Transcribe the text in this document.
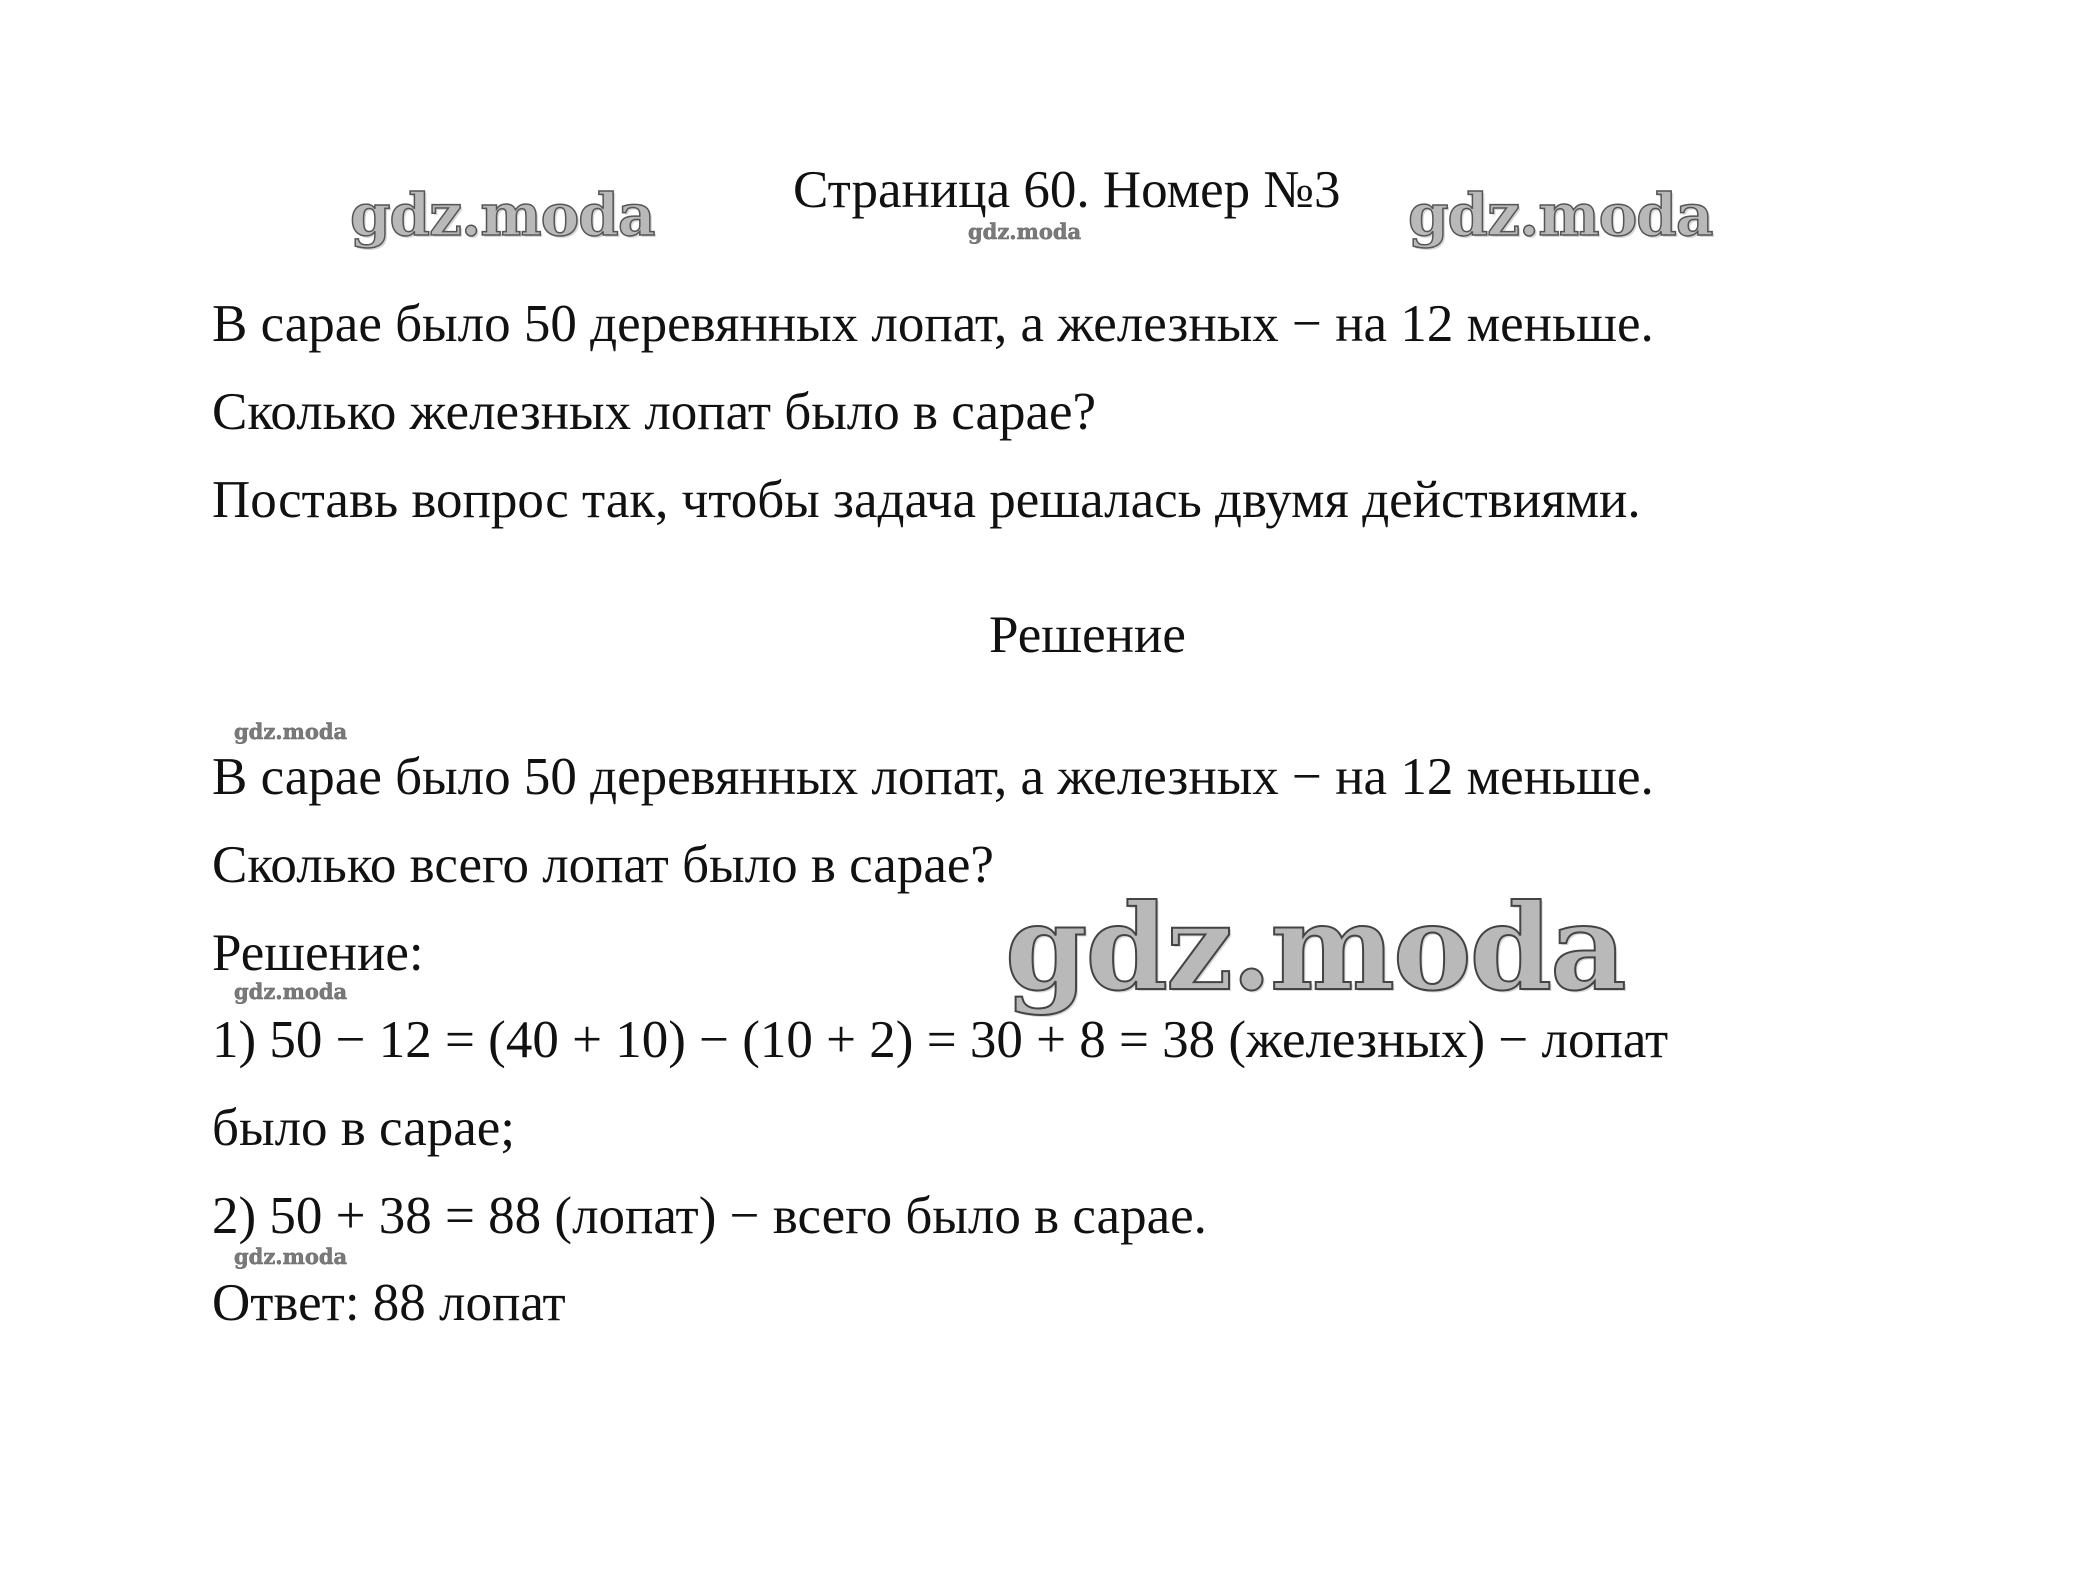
gdz.moda	gdz.moda
gdz.moda
gdz.moda
gdz.moda
gdz.moda
Страница 60. Номер №3
В сарае было 50 деревянных лопат, а железных − на 12 меньше.
Сколько железных лопат было в сарае?
Поставь вопрос так, чтобы задача решалась двумя действиями.
Решение
В сарае было 50 деревянных лопат, а железных − на 12 меньше.
Сколько всего лопат было в сарае?
Решение:
1) 50 − 12 = (40 + 10) − (10 + 2) = 30 + 8 = 38 (железных) − лопат
было в сарае;
2) 50 + 38 = 88 (лопат) − всего было в сарае.
Ответ: 88 лопат
gdz.moda
